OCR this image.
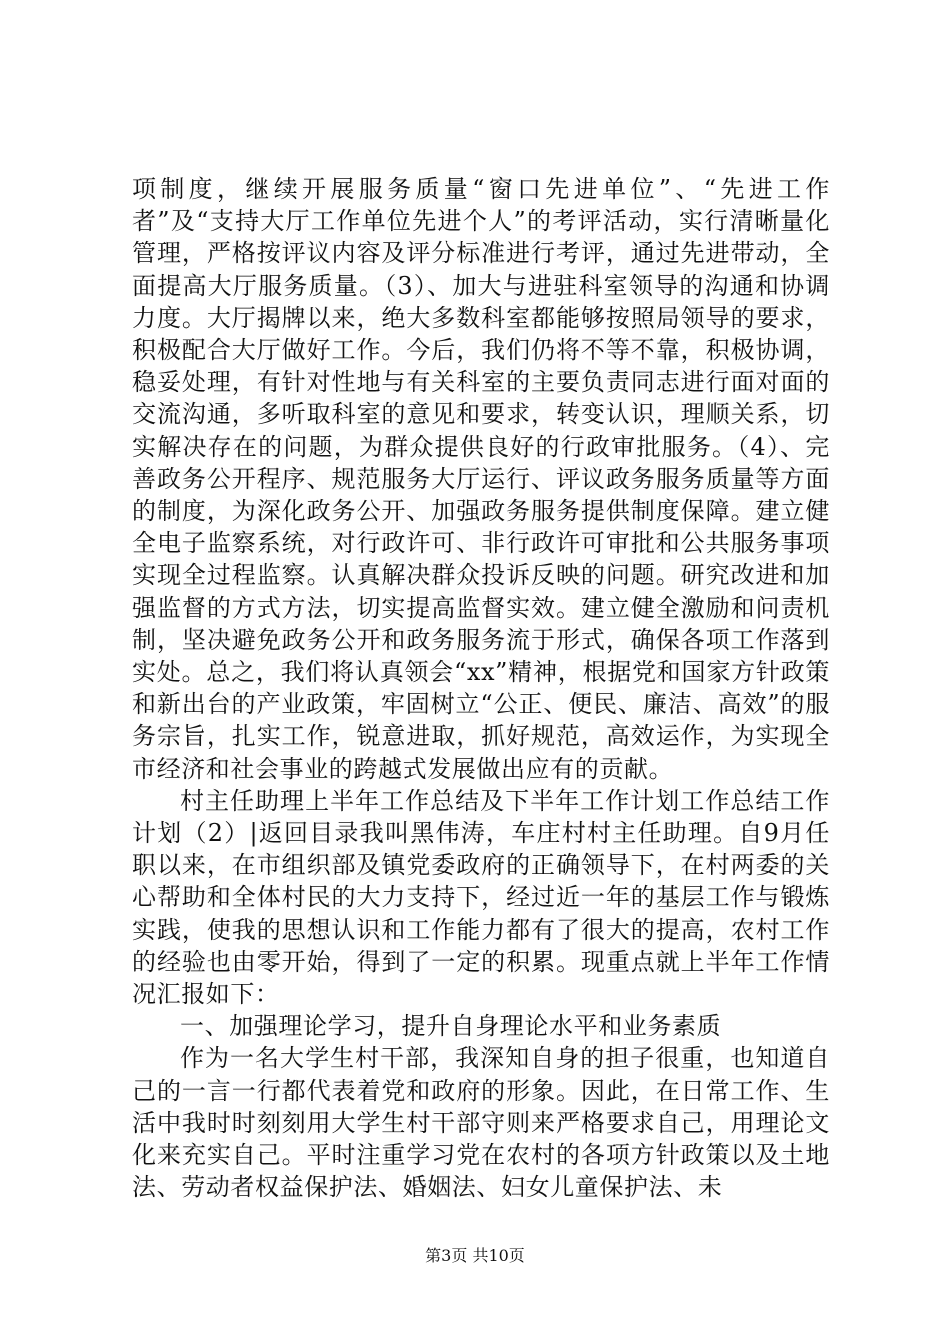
项制度，继续开展服务质量“窗口先进单位”、“先进工作者”及“支持大厅工作单位先进个人”的考评活动，实行清晰量化管理，严格按评议内容及评分标准进行考评，通过先进带动，全面提高大厅服务质量。（3）、加大与进驻科室领导的沟通和协调力度。大厅揭牌以来，绝大多数科室都能够按照局领导的要求，积极配合大厅做好工作。今后，我们仍将不等不靠，积极协调，稳妥处理，有针对性地与有关科室的主要负责同志进行面对面的交流沟通，多听取科室的意见和要求，转变认识，理顺关系，切实解决存在的问题，为群众提供良好的行政审批服务。（4）、完善政务公开程序、规范服务大厅运行、评议政务服务质量等方面的制度，为深化政务公开、加强政务服务提供制度保障。建立健全电子监察系统，对行政许可、非行政许可审批和公共服务事项实现全过程监察。认真解决群众投诉反映的问题。研究改进和加强监督的方式方法，切实提高监督实效。建立健全激励和问责机制，坚决避免政务公开和政务服务流于形式，确保各项工作落到实处。总之，我们将认真领会“xx”精神，根据党和国家方针政策和新出台的产业政策，牢固树立“公正、便民、廉洁、高效”的服务宗旨，扎实工作，锐意进取，抓好规范，高效运作，为实现全市经济和社会事业的跨越式发展做出应有的贡献。

村主任助理上半年工作总结及下半年工作计划工作总结工作计划（2）|返回目录我叫黑伟涛，车庄村村主任助理。自9月任职以来，在市组织部及镇党委政府的正确领导下，在村两委的关心帮助和全体村民的大力支持下，经过近一年的基层工作与锻炼实践，使我的思想认识和工作能力都有了很大的提高，农村工作的经验也由零开始，得到了一定的积累。现重点就上半年工作情况汇报如下：

一、加强理论学习，提升自身理论水平和业务素质

作为一名大学生村干部，我深知自身的担子很重，也知道自己的一言一行都代表着党和政府的形象。因此，在日常工作、生活中我时时刻刻用大学生村干部守则来严格要求自己，用理论文化来充实自己。平时注重学习党在农村的各项方针政策以及土地法、劳动者权益保护法、婚姻法、妇女儿童保护法、未

第3页 共10页
